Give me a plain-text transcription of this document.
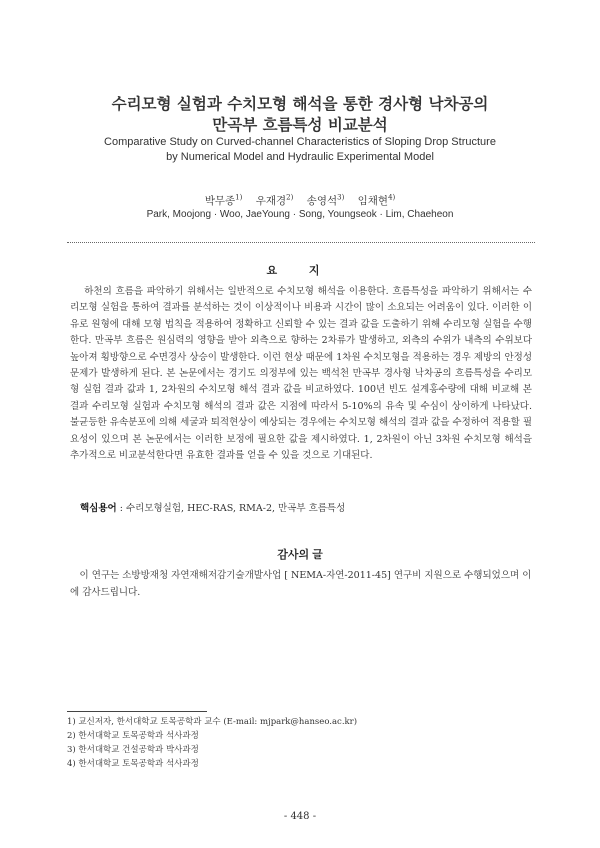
수리모형 실험과 수치모형 해석을 통한 경사형 낙차공의
만곡부 흐름특성 비교분석
Comparative Study on Curved-channel Characteristics of Sloping Drop Structure
by Numerical Model and Hydraulic Experimental Model
박무종$^{1)}$ 우재경$^{2)}$ 송영석$^{3)}$ 임채현$^{4)}$
Park, Moojong · Woo, JaeYoung · Song, Youngseok · Lim, Chaeheon
요 지
하천의 흐름을 파악하기 위해서는 일반적으로 수치모형 해석을 이용한다. 흐름특성을 파악하기 위해서는 수리모형 실험을 통하여 결과를 분석하는 것이 이상적이나 비용과 시간이 많이 소요되는 어려움이 있다. 이러한 이유로 원형에 대해 모형 법칙을 적용하여 정확하고 신뢰할 수 있는 결과 값을 도출하기 위해 수리모형 실험을 수행한다. 만곡부 흐름은 원심력의 영향을 받아 외측으로 향하는 2차류가 발생하고, 외측의 수위가 내측의 수위보다 높아져 횡방향으로 수면경사 상승이 발생한다. 이런 현상 때문에 1차원 수치모형을 적용하는 경우 제방의 안정성 문제가 발생하게 된다. 본 논문에서는 경기도 의정부에 있는 백석천 만곡부 경사형 낙차공의 흐름특성을 수리모형 실험 결과 값과 1, 2차원의 수치모형 해석 결과 값을 비교하였다. 100년 빈도 설계홍수량에 대해 비교해 본 결과 수리모형 실험과 수치모형 해석의 결과 값은 지점에 따라서 5-10%의 유속 및 수심이 상이하게 나타났다. 불균등한 유속분포에 의해 세굴과 퇴적현상이 예상되는 경우에는 수치모형 해석의 결과 값을 수정하여 적용할 필요성이 있으며 본 논문에서는 이러한 보정에 필요한 값을 제시하였다. 1, 2차원이 아닌 3차원 수치모형 해석을 추가적으로 비교분석한다면 유효한 결과를 얻을 수 있을 것으로 기대된다.
핵심용어 : 수리모형실험, HEC-RAS, RMA-2, 만곡부 흐름특성
감사의 글
이 연구는 소방방재청 자연재해저감기술개발사업 [ NEMA-자연-2011-45] 연구비 지원으로 수행되었으며 이에 감사드립니다.
1) 교신저자, 한서대학교 토목공학과 교수 (E-mail: mjpark@hanseo.ac.kr)
2) 한서대학교 토목공학과 석사과정
3) 한서대학교 건설공학과 박사과정
4) 한서대학교 토목공학과 석사과정
- 448 -
